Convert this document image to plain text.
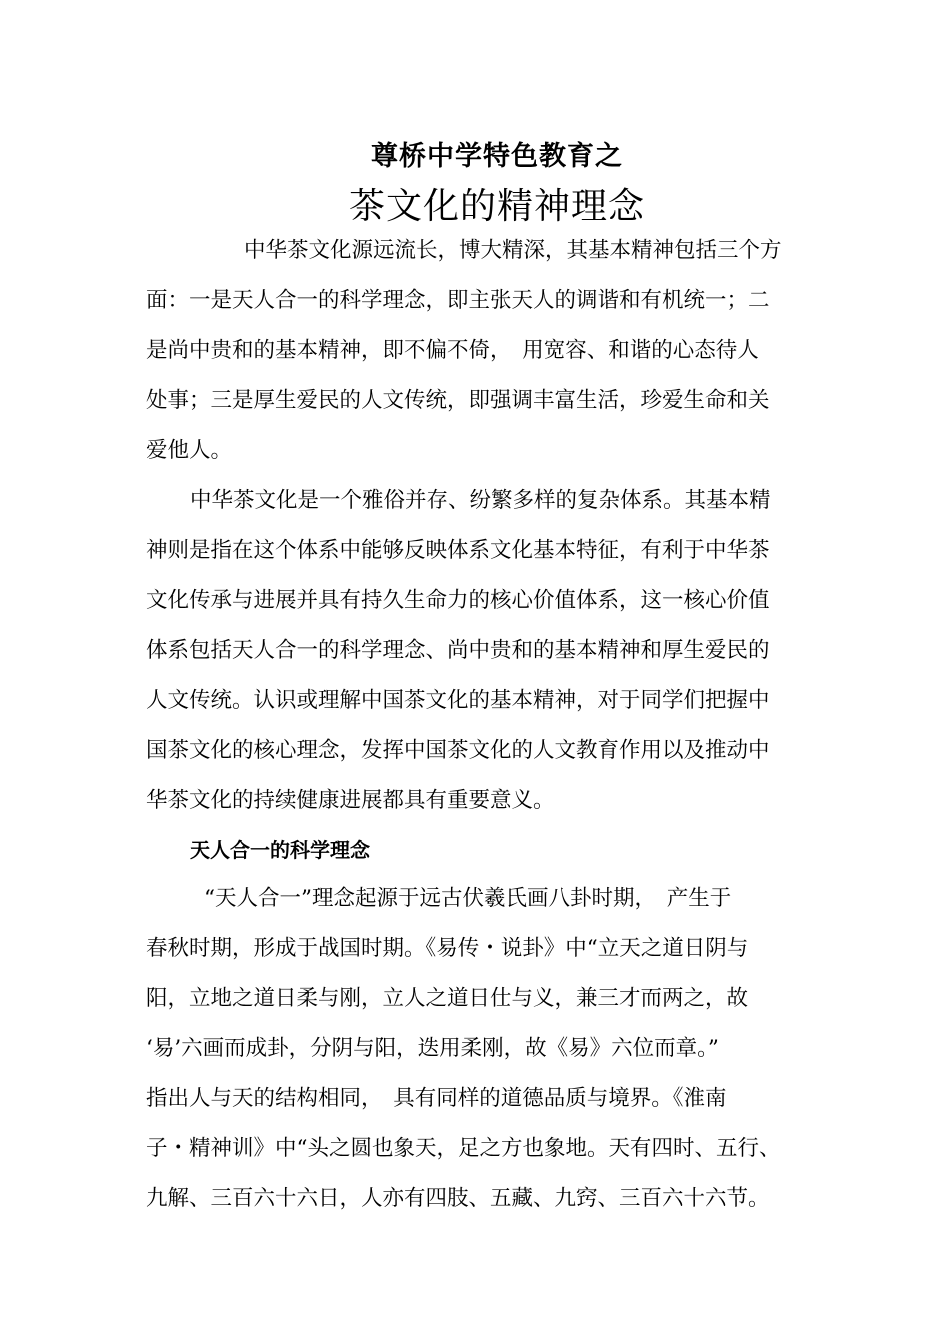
尊桥中学特色教育之
茶文化的精神理念
中华茶文化源远流长，博大精深，其基本精神包括三个方
面：一是天人合一的科学理念，即主张天人的调谐和有机统一；二
是尚中贵和的基本精神，即不偏不倚，　用宽容、和谐的心态待人
处事；三是厚生爱民的人文传统，即强调丰富生活，珍爱生命和关
爱他人。
中华茶文化是一个雅俗并存、纷繁多样的复杂体系。其基本精
神则是指在这个体系中能够反映体系文化基本特征，有利于中华茶
文化传承与进展并具有持久生命力的核心价值体系，这一核心价值
体系包括天人合一的科学理念、尚中贵和的基本精神和厚生爱民的
人文传统。认识或理解中国茶文化的基本精神，对于同学们把握中
国茶文化的核心理念，发挥中国茶文化的人文教育作用以及推动中
华茶文化的持续健康进展都具有重要意义。
天人合一的科学理念
“天人合一”理念起源于远古伏羲氏画八卦时期，　产生于
春秋时期，形成于战国时期。《易传・说卦》中“立天之道日阴与
阳，立地之道日柔与刚，立人之道日仕与义，兼三才而两之，故
‘易’六画而成卦，分阴与阳，迭用柔刚，故《易》六位而章。”
指出人与天的结构相同，　具有同样的道德品质与境界。《淮南
子・精神训》中“头之圆也象天，足之方也象地。天有四时、五行、
九解、三百六十六日，人亦有四肢、五藏、九窍、三百六十六节。
